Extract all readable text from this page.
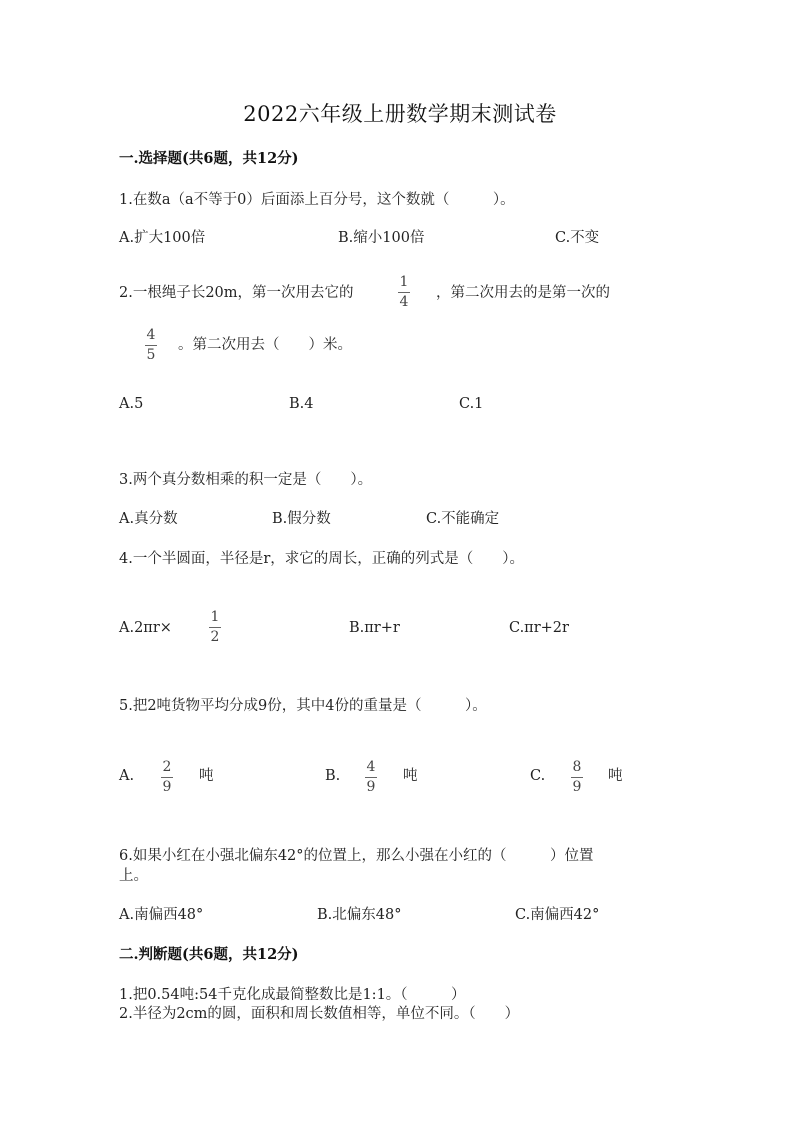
2022六年级上册数学期末测试卷
一.选择题(共6题，共12分)
1.在数a（a不等于0）后面添上百分号，这个数就（　　　）。
A.扩大100倍	B.缩小100倍	C.不变
2.一根绳子长20m，第一次用去它的
1
4
，第二次用去的是第一次的
4
5
。第二次用去（　　）米。
A.5	B.4	C.1
3.两个真分数相乘的积一定是（　　）。
A.真分数	B.假分数	C.不能确定
4.一个半圆面，半径是r，求它的周长，正确的列式是（　　）。
A.2πr×
1
2
B.πr+r	C.πr+2r
5.把2吨货物平均分成9份，其中4份的重量是（　　　）。
A.
2
9
吨	B.
4
9
吨	C.
8
9
吨
6.如果小红在小强北偏东42°的位置上，那么小强在小红的（　　　）位置
上。
A.南偏西48°	B.北偏东48°	C.南偏西42°
二.判断题(共6题，共12分)
1.把0.54吨:54千克化成最简整数比是1:1。（　　　）
2.半径为2cm的圆，面积和周长数值相等，单位不同。（　　）
